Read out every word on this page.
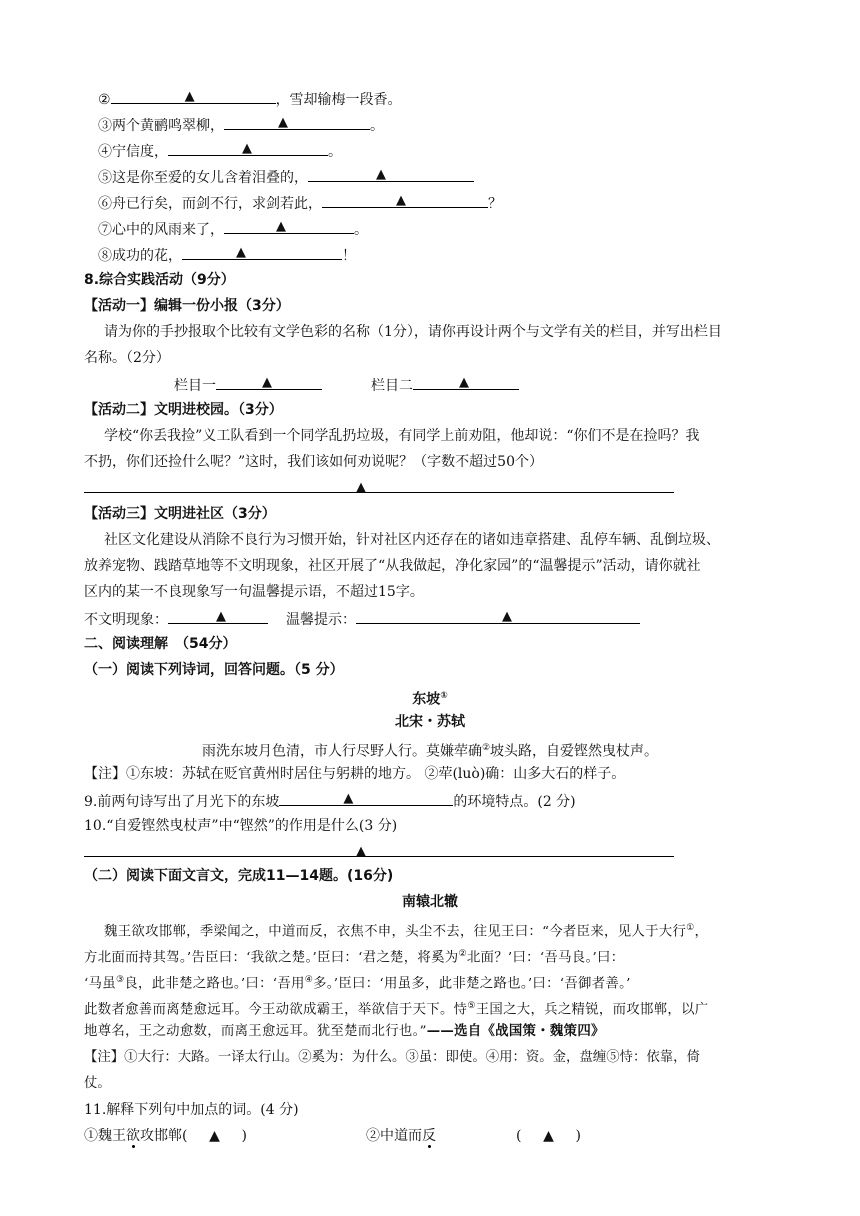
②	▲	，雪却输梅一段香。
③两个黄鹂鸣翠柳，	▲	。
④宁信度，	▲	。
⑤这是你至爱的女儿含着泪叠的，	▲
⑥舟已行矣，而剑不行，求剑若此，	▲	？
⑦心中的风雨来了，	▲	。
⑧成功的花，	▲	！
8.综合实践活动（9分）
【活动一】编辑一份小报（3分）
请为你的手抄报取个比较有文学色彩的名称（1分），请你再设计两个与文学有关的栏目，并写出栏目
名称。（2分）
栏目一	▲	栏目二	▲
【活动二】文明进校园。（3分）
学校“你丢我捡”义工队看到一个同学乱扔垃圾，有同学上前劝阻，他却说：“你们不是在捡吗？我
不扔，你们还捡什么呢？”这时，我们该如何劝说呢？（字数不超过50个）
▲
【活动三】文明进社区（3分）
社区文化建设从消除不良行为习惯开始，针对社区内还存在的诸如违章搭建、乱停车辆、乱倒垃圾、
放养宠物、践踏草地等不文明现象，社区开展了“从我做起，净化家园”的“温馨提示”活动，请你就社
区内的某一不良现象写一句温馨提示语，不超过15字。
不文明现象：	▲	温馨提示：	▲
二、阅读理解　（54分）
（一）阅读下列诗词，回答问题。（5 分）
东坡①
北宋・苏轼
雨洗东坡月色清，市人行尽野人行。莫嫌荦确②坡头路，自爱铿然曳杖声。
【注】①东坡：苏轼在贬官黄州时居住与躬耕的地方。 ②荦(luò)确：山多大石的样子。
9.前两句诗写出了月光下的东坡	▲	的环境特点。(2 分)
10.“自爱铿然曳杖声”中“铿然”的作用是什么(3 分)
▲
（二）阅读下面文言文，完成11—14题。(16分)
南辕北辙
魏王欲攻邯郸，季梁闻之，中道而反，衣焦不申，头尘不去，往见王曰：“今者臣来，见人于大行①，
方北面而持其驾。’告臣曰：‘我欲之楚。’臣曰：‘君之楚，将奚为②北面？’曰：‘吾马良。’曰：
‘马虽③良，此非楚之路也。’曰：‘吾用④多。’臣曰：‘用虽多，此非楚之路也。’曰：‘吾御者善。’
此数者愈善而离楚愈远耳。今王动欲成霸王，举欲信于天下。恃⑤王国之大，兵之精锐，而攻邯郸，以广
地尊名，王之动愈数，而离王愈远耳。犹至楚而北行也。”——选自《战国策・魏策四》
【注】①大行：大路。一译太行山。②奚为：为什么。③虽：即使。④用：资。金，盘缠⑤恃：依靠，倚
仗。
11.解释下列句中加点的词。(4 分)
①魏王欲攻邯郸( ▲ )	②中道而反	( ▲ )
